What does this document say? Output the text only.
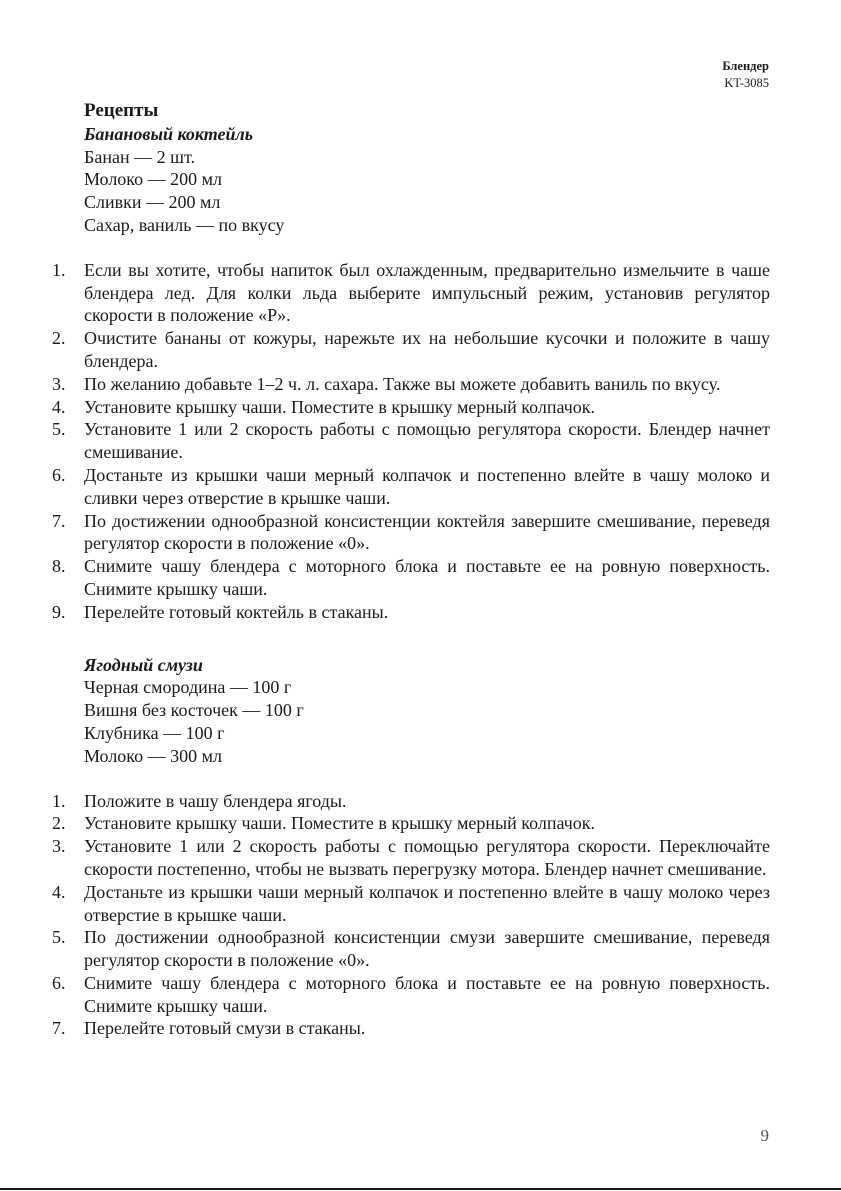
Блендер
KT-3085
Рецепты
Банановый коктейль
Банан — 2 шт.
Молоко — 200 мл
Сливки — 200 мл
Сахар, ваниль — по вкусу
1.	Если вы хотите, чтобы напиток был охлажденным, предварительно измельчите в чаше блендера лед. Для колки льда выберите импульсный режим, установив регулятор скорости в положение «P».
2.	Очистите бананы от кожуры, нарежьте их на небольшие кусочки и положите в чашу блендера.
3.	По желанию добавьте 1–2 ч. л. сахара. Также вы можете добавить ваниль по вкусу.
4.	Установите крышку чаши. Поместите в крышку мерный колпачок.
5.	Установите 1 или 2 скорость работы с помощью регулятора скорости. Блендер начнет смешивание.
6.	Достаньте из крышки чаши мерный колпачок и постепенно влейте в чашу молоко и сливки через отверстие в крышке чаши.
7.	По достижении однообразной консистенции коктейля завершите смешивание, переведя регулятор скорости в положение «0».
8.	Снимите чашу блендера с моторного блока и поставьте ее на ровную поверхность. Снимите крышку чаши.
9.	Перелейте готовый коктейль в стаканы.
Ягодный смузи
Черная смородина — 100 г
Вишня без косточек — 100 г
Клубника — 100 г
Молоко — 300 мл
1.	Положите в чашу блендера ягоды.
2.	Установите крышку чаши. Поместите в крышку мерный колпачок.
3.	Установите 1 или 2 скорость работы с помощью регулятора скорости. Переключайте скорости постепенно, чтобы не вызвать перегрузку мотора. Блендер начнет смешивание.
4.	Достаньте из крышки чаши мерный колпачок и постепенно влейте в чашу молоко через отверстие в крышке чаши.
5.	По достижении однообразной консистенции смузи завершите смешивание, переведя регулятор скорости в положение «0».
6.	Снимите чашу блендера с моторного блока и поставьте ее на ровную поверхность. Снимите крышку чаши.
7.	Перелейте готовый смузи в стаканы.
9
